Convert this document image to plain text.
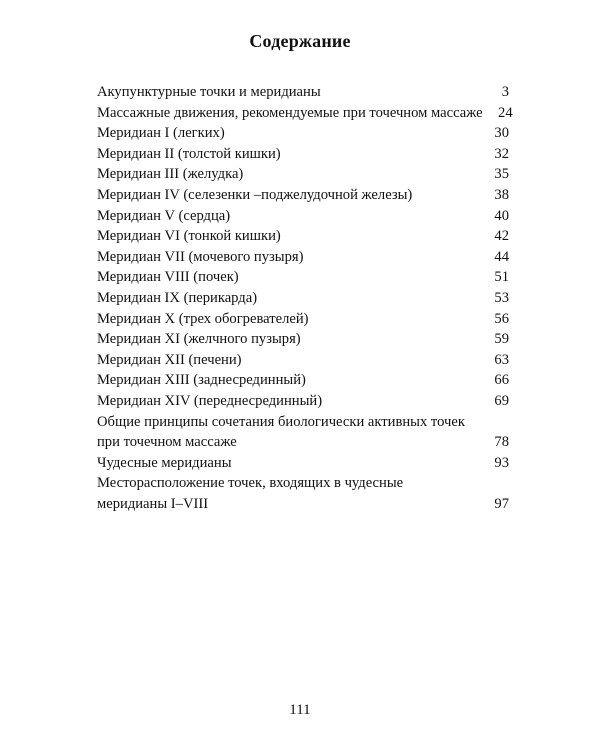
Содержание
Акупунктурные точки и меридианы	3
Массажные движения, рекомендуемые при точечном массаже	24
Меридиан I (легких)	30
Меридиан II (толстой кишки)	32
Меридиан III (желудка)	35
Меридиан IV (селезенки –поджелудочной железы)	38
Меридиан V (сердца)	40
Меридиан VI (тонкой кишки)	42
Меридиан VII (мочевого пузыря)	44
Меридиан VIII (почек)	51
Меридиан IX (перикарда)	53
Меридиан X (трех обогревателей)	56
Меридиан XI (желчного пузыря)	59
Меридиан XII (печени)	63
Меридиан XIII (заднесрединный)	66
Меридиан XIV (переднесрединный)	69
Общие принципы сочетания биологически активных точек
при точечном массаже	78
Чудесные меридианы	93
Месторасположение точек, входящих в чудесные
меридианы I–VIII	97
111
